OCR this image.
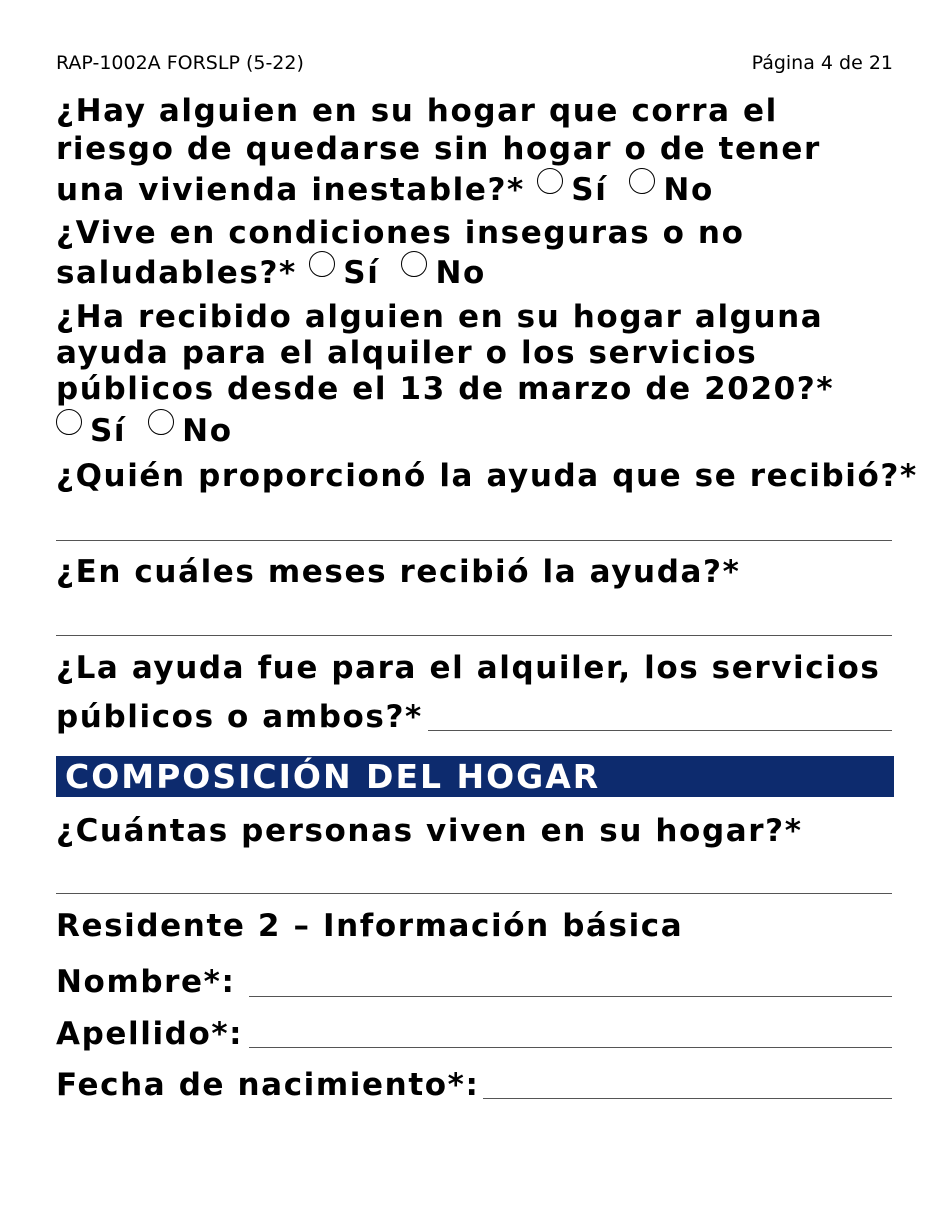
RAP-1002A FORSLP (5-22)	Página 4 de 21
¿Hay alguien en su hogar que corra el riesgo de quedarse sin hogar o de tener una vivienda inestable?* Sí No
¿Vive en condiciones inseguras o no saludables?* Sí No
¿Ha recibido alguien en su hogar alguna ayuda para el alquiler o los servicios públicos desde el 13 de marzo de 2020?*
Sí No
¿Quién proporcionó la ayuda que se recibió?*
¿En cuáles meses recibió la ayuda?*
¿La ayuda fue para el alquiler, los servicios
públicos o ambos?*
COMPOSICIÓN DEL HOGAR
¿Cuántas personas viven en su hogar?*
Residente 2 – Información básica
Nombre*:
Apellido*:
Fecha de nacimiento*:
